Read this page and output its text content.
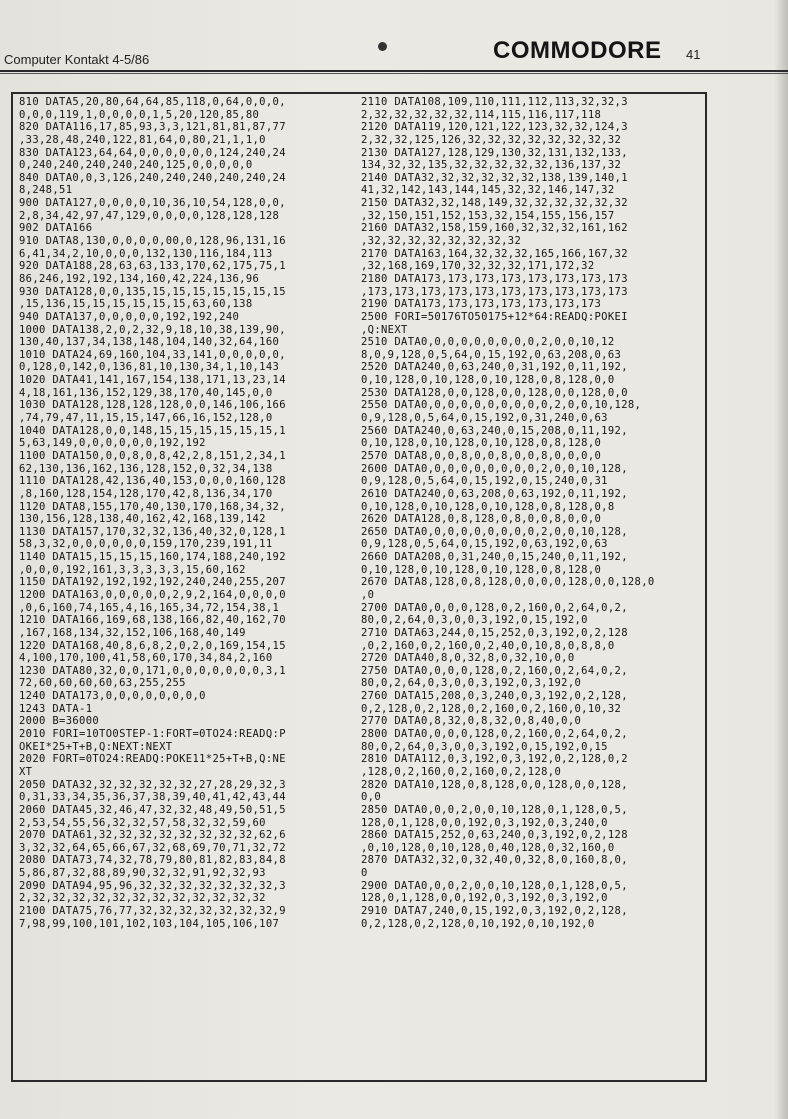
Computer Kontakt 4-5/86	COMMODORE 41
810 DATA5,20,80,64,64,85,118,0,64,0,0,0,
0,0,0,119,1,0,0,0,0,1,5,20,120,85,80
820 DATA116,17,85,93,3,3,121,81,81,87,77
,33,28,48,240,122,81,64,0,80,21,1,1,0
830 DATA123,64,64,0,0,0,0,0,0,124,240,24
0,240,240,240,240,240,125,0,0,0,0,0
840 DATA0,0,3,126,240,240,240,240,240,24
8,248,51
900 DATA127,0,0,0,0,10,36,10,54,128,0,0,
2,8,34,42,97,47,129,0,0,0,0,128,128,128
902 DATA166
910 DATA8,130,0,0,0,0,00,0,128,96,131,16
6,41,34,2,10,0,0,0,132,130,116,184,113
920 DATA188,28,63,63,133,170,62,175,75,1
86,246,192,192,134,160,42,224,136,96
930 DATA128,0,0,135,15,15,15,15,15,15,15
,15,136,15,15,15,15,15,15,63,60,138
940 DATA137,0,0,0,0,0,192,192,240
1000 DATA138,2,0,2,32,9,18,10,38,139,90,
130,40,137,34,138,148,104,140,32,64,160
1010 DATA24,69,160,104,33,141,0,0,0,0,0,
0,128,0,142,0,136,81,10,130,34,1,10,143
1020 DATA41,141,167,154,138,171,13,23,14
4,18,161,136,152,129,38,170,40,145,0,0
1030 DATA128,128,128,128,0,0,146,106,166
,74,79,47,11,15,15,147,66,16,152,128,0
1040 DATA128,0,0,148,15,15,15,15,15,15,1
5,63,149,0,0,0,0,0,0,192,192
1100 DATA150,0,0,8,0,8,42,2,8,151,2,34,1
62,130,136,162,136,128,152,0,32,34,138
1110 DATA128,42,136,40,153,0,0,0,160,128
,8,160,128,154,128,170,42,8,136,34,170
1120 DATA8,155,170,40,130,170,168,34,32,
130,156,128,138,40,162,42,168,139,142
1130 DATA157,170,32,32,136,40,32,0,128,1
58,3,32,0,0,0,0,0,0,159,170,239,191,11
1140 DATA15,15,15,15,160,174,188,240,192
,0,0,0,192,161,3,3,3,3,3,15,60,162
1150 DATA192,192,192,192,240,240,255,207
1200 DATA163,0,0,0,0,0,2,9,2,164,0,0,0,0
,0,6,160,74,165,4,16,165,34,72,154,38,1
1210 DATA166,169,68,138,166,82,40,162,70
,167,168,134,32,152,106,168,40,149
1220 DATA168,40,8,6,8,2,0,2,0,169,154,15
4,100,170,100,41,58,60,170,34,84,2,160
1230 DATA80,32,0,0,171,0,0,0,0,0,0,0,3,1
72,60,60,60,60,63,255,255
1240 DATA173,0,0,0,0,0,0,0,0
1243 DATA-1
2000 B=36000
2010 FORI=10TO0STEP-1:FORT=0TO24:READQ:P
OKEI*25+T+B,Q:NEXT:NEXT
2020 FORT=0TO24:READQ:POKE11*25+T+B,Q:NE
XT
2050 DATA32,32,32,32,32,32,27,28,29,32,3
0,31,33,34,35,36,37,38,39,40,41,42,43,44
2060 DATA45,32,46,47,32,32,48,49,50,51,5
2,53,54,55,56,32,32,57,58,32,32,59,60
2070 DATA61,32,32,32,32,32,32,32,32,62,6
3,32,32,64,65,66,67,32,68,69,70,71,32,72
2080 DATA73,74,32,78,79,80,81,82,83,84,8
5,86,87,32,88,89,90,32,32,91,92,32,93
2090 DATA94,95,96,32,32,32,32,32,32,32,3
2,32,32,32,32,32,32,32,32,32,32,32,32
2100 DATA75,76,77,32,32,32,32,32,32,32,9
7,98,99,100,101,102,103,104,105,106,107
2110 DATA108,109,110,111,112,113,32,32,3
2,32,32,32,32,32,114,115,116,117,118
2120 DATA119,120,121,122,123,32,32,124,3
2,32,32,125,126,32,32,32,32,32,32,32,32
2130 DATA127,128,129,130,32,131,132,133,
134,32,32,135,32,32,32,32,32,136,137,32
2140 DATA32,32,32,32,32,32,138,139,140,1
41,32,142,143,144,145,32,32,146,147,32
2150 DATA32,32,148,149,32,32,32,32,32,32
,32,150,151,152,153,32,154,155,156,157
2160 DATA32,158,159,160,32,32,32,161,162
,32,32,32,32,32,32,32,32
2170 DATA163,164,32,32,32,165,166,167,32
,32,168,169,170,32,32,32,171,172,32
2180 DATA173,173,173,173,173,173,173,173
,173,173,173,173,173,173,173,173,173,173
2190 DATA173,173,173,173,173,173,173
2500 FORI=50176TO50175+12*64:READQ:POKEI
,Q:NEXT
2510 DATA0,0,0,0,0,0,0,0,0,2,0,0,10,12
8,0,9,128,0,5,64,0,15,192,0,63,208,0,63
2520 DATA240,0,63,240,0,31,192,0,11,192,
0,10,128,0,10,128,0,10,128,0,8,128,0,0
2530 DATA128,0,0,128,0,0,128,0,0,128,0,0
2550 DATA0,0,0,0,0,0,0,0,0,0,2,0,0,10,128,
0,9,128,0,5,64,0,15,192,0,31,240,0,63
2560 DATA240,0,63,240,0,15,208,0,11,192,
0,10,128,0,10,128,0,10,128,0,8,128,0
2570 DATA8,0,0,8,0,0,8,0,0,8,0,0,0,0
2600 DATA0,0,0,0,0,0,0,0,0,2,0,0,10,128,
0,9,128,0,5,64,0,15,192,0,15,240,0,31
2610 DATA240,0,63,208,0,63,192,0,11,192,
0,10,128,0,10,128,0,10,128,0,8,128,0,8
2620 DATA128,0,8,128,0,8,0,0,8,0,0,0
2650 DATA0,0,0,0,0,0,0,0,0,2,0,0,10,128,
0,9,128,0,5,64,0,15,192,0,63,192,0,63
2660 DATA208,0,31,240,0,15,240,0,11,192,
0,10,128,0,10,128,0,10,128,0,8,128,0
2670 DATA8,128,0,8,128,0,0,0,0,128,0,0,128,0
,0
2700 DATA0,0,0,0,128,0,2,160,0,2,64,0,2,
80,0,2,64,0,3,0,0,3,192,0,15,192,0
2710 DATA63,244,0,15,252,0,3,192,0,2,128
,0,2,160,0,2,160,0,2,40,0,10,8,0,8,8,0
2720 DATA40,8,0,32,8,0,32,10,0,0
2750 DATA0,0,0,0,128,0,2,160,0,2,64,0,2,
80,0,2,64,0,3,0,0,3,192,0,3,192,0
2760 DATA15,208,0,3,240,0,3,192,0,2,128,
0,2,128,0,2,128,0,2,160,0,2,160,0,10,32
2770 DATA0,8,32,0,8,32,0,8,40,0,0
2800 DATA0,0,0,0,128,0,2,160,0,2,64,0,2,
80,0,2,64,0,3,0,0,3,192,0,15,192,0,15
2810 DATA112,0,3,192,0,3,192,0,2,128,0,2
,128,0,2,160,0,2,160,0,2,128,0
2820 DATA10,128,0,8,128,0,0,128,0,0,128,
0,0
2850 DATA0,0,0,2,0,0,10,128,0,1,128,0,5,
128,0,1,128,0,0,192,0,3,192,0,3,240,0
2860 DATA15,252,0,63,240,0,3,192,0,2,128
,0,10,128,0,10,128,0,40,128,0,32,160,0
2870 DATA32,32,0,32,40,0,32,8,0,160,8,0,
0
2900 DATA0,0,0,2,0,0,10,128,0,1,128,0,5,
128,0,1,128,0,0,192,0,3,192,0,3,192,0
2910 DATA7,240,0,15,192,0,3,192,0,2,128,
0,2,128,0,2,128,0,10,192,0,10,192,0
